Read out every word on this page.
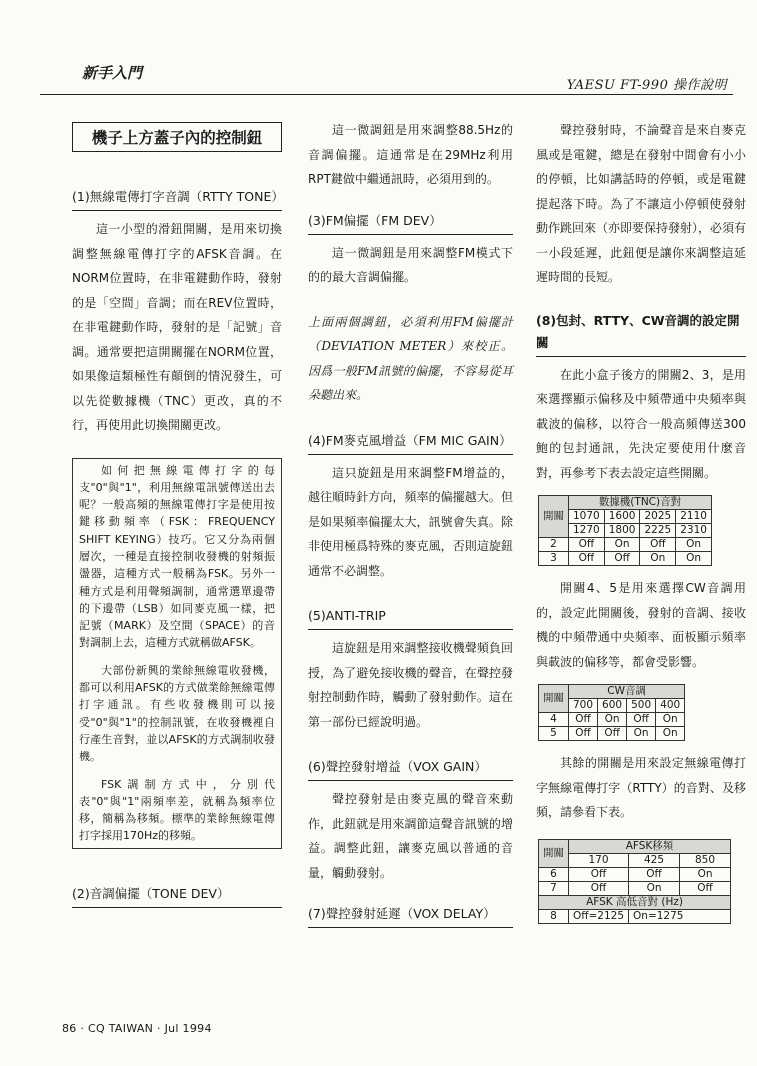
新手入門
YAESU FT-990 操作說明
機子上方蓋子內的控制鈕
(1)無線電傳打字音調（RTTY TONE）

這一小型的滑鈕開關，是用來切換調整無線電傳打字的AFSK音調。在NORM位置時，在非電鍵動作時，發射的是「空間」音調；而在REV位置時，在非電鍵動作時，發射的是「記號」音調。通常要把這開關擺在NORM位置，如果像這類極性有顛倒的情況發生，可以先從數據機（TNC）更改，真的不行，再使用此切換開關更改。

如何把無線電傳打字的每支"0"與"1"，利用無線電訊號傳送出去呢？一般高頻的無線電傳打字是使用按鍵移動頻率（FSK：FREQUENCY SHIFT KEYING）技巧。它又分為兩個層次，一種是直接控制收發機的射頻振盪器，這種方式一般稱為FSK。另外一種方式是利用聲頻調制，通常選單邊帶的下邊帶（LSB）如同麥克風一樣，把記號（MARK）及空間（SPACE）的音對調制上去，這種方式就稱做AFSK。

大部份新興的業餘無線電收發機，都可以利用AFSK的方式做業餘無線電傳打字通訊。有些收發機則可以接受"0"與"1"的控制訊號，在收發機裡自行產生音對，並以AFSK的方式調制收發機。

FSK調制方式中，分別代表"0"與"1"兩頻率差，就稱為頻率位移，簡稱為移頻。標準的業餘無線電傳打字採用170Hz的移頻。

(2)音調偏擺（TONE DEV）

這一微調鈕是用來調整88.5Hz的音調偏擺。這通常是在29MHz利用RPT鍵做中繼通訊時，必須用到的。

(3)FM偏擺（FM DEV）

這一微調鈕是用來調整FM模式下的的最大音調偏擺。

上面兩個調鈕，必須利用FM偏擺計（DEVIATION METER）來校正。因爲一般FM訊號的偏擺，不容易從耳朵聽出來。

(4)FM麥克風增益（FM MIC GAIN）

這只旋鈕是用來調整FM增益的，越往順時針方向，頻率的偏擺越大。但是如果頻率偏擺太大，訊號會失真。除非使用極爲特殊的麥克風，否則這旋鈕通常不必調整。

(5)ANTI-TRIP

這旋鈕是用來調整接收機聲頻負回授，為了避免接收機的聲音，在聲控發射控制動作時，觸動了發射動作。這在第一部份已經說明過。

(6)聲控發射增益（VOX GAIN）

聲控發射是由麥克風的聲音來動作，此鈕就是用來調節這聲音訊號的增益。調整此鈕，讓麥克風以普通的音量，觸動發射。

(7)聲控發射延遲（VOX DELAY）

聲控發射時，不論聲音是來自麥克風或是電鍵，總是在發射中間會有小小的停頓，比如講話時的停頓，或是電鍵提起落下時。為了不讓這小停頓使發射動作跳回來（亦即要保持發射），必須有一小段延遲，此鈕便是讓你來調整這延遲時間的長短。

(8)包封、RTTY、CW音調的設定開關

在此小盒子後方的開關2、3，是用來選擇顯示偏移及中頻帶通中央頻率與載波的偏移，以符合一般高頻傳送300鮑的包封通訊，先決定要使用什麼音對，再參考下表去設定這些開關。

開關	數據機(TNC)音對			
	1070	1600	2025	2110
	1270	1800	2225	2310
2	Off	On	Off	On
3	Off	Off	On	On

開關4、5是用來選擇CW音調用的，設定此開關後，發射的音調、接收機的中頻帶通中央頻率、面板顯示頻率與載波的偏移等，都會受影響。

開關	CW音調			
	700	600	500	400
4	Off	On	Off	On
5	Off	Off	On	On

其餘的開關是用來設定無線電傳打字無線電傳打字（RTTY）的音對、及移頻，請參看下表。

開關	AFSK移頻		
	170	425	850
6	Off	Off	On
7	Off	On	Off
AFSK 高低音對 (Hz)			
8	Off=2125	On=1275	
86 · CQ TAIWAN · Jul 1994
